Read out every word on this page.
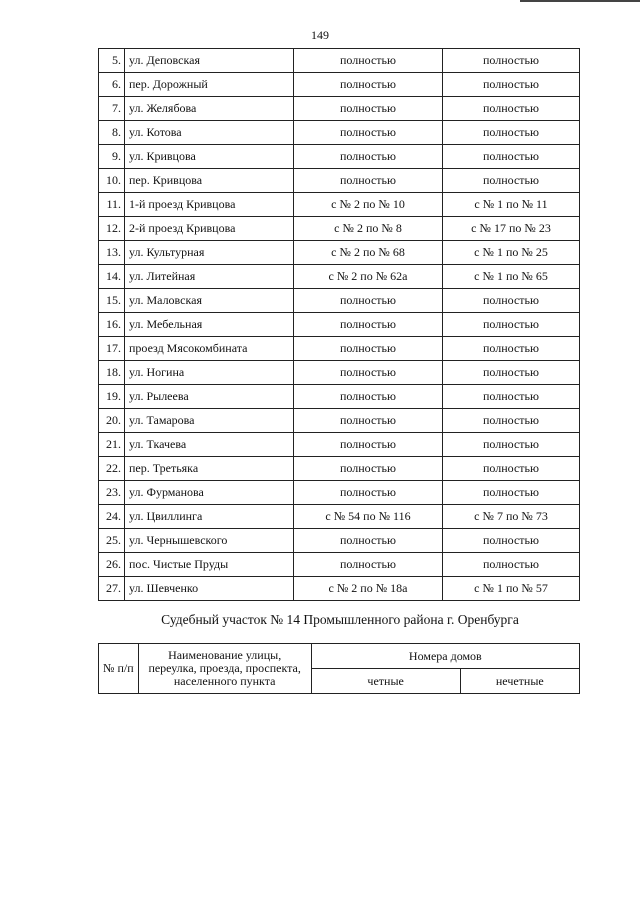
149
5.	ул. Деповская	полностью	полностью
6.	пер. Дорожный	полностью	полностью
7.	ул. Желябова	полностью	полностью
8.	ул. Котова	полностью	полностью
9.	ул. Кривцова	полностью	полностью
10.	пер. Кривцова	полностью	полностью
11.	1-й проезд Кривцова	с № 2 по № 10	с № 1 по № 11
12.	2-й проезд Кривцова	с № 2 по № 8	с № 17 по № 23
13.	ул. Культурная	с № 2 по № 68	с № 1 по № 25
14.	ул. Литейная	с № 2 по № 62а	с № 1 по № 65
15.	ул. Маловская	полностью	полностью
16.	ул. Мебельная	полностью	полностью
17.	проезд Мясокомбината	полностью	полностью
18.	ул. Ногина	полностью	полностью
19.	ул. Рылеева	полностью	полностью
20.	ул. Тамарова	полностью	полностью
21.	ул. Ткачева	полностью	полностью
22.	пер. Третьяка	полностью	полностью
23.	ул. Фурманова	полностью	полностью
24.	ул. Цвиллинга	с № 54 по № 116	с № 7 по № 73
25.	ул. Чернышевского	полностью	полностью
26.	пос. Чистые Пруды	полностью	полностью
27.	ул. Шевченко	с № 2 по № 18а	с № 1 по № 57
Судебный участок № 14 Промышленного района г. Оренбурга
№ п/п	Наименование улицы, переулка, проезда, проспекта, населенного пункта	Номера домов	
		четные	нечетные
